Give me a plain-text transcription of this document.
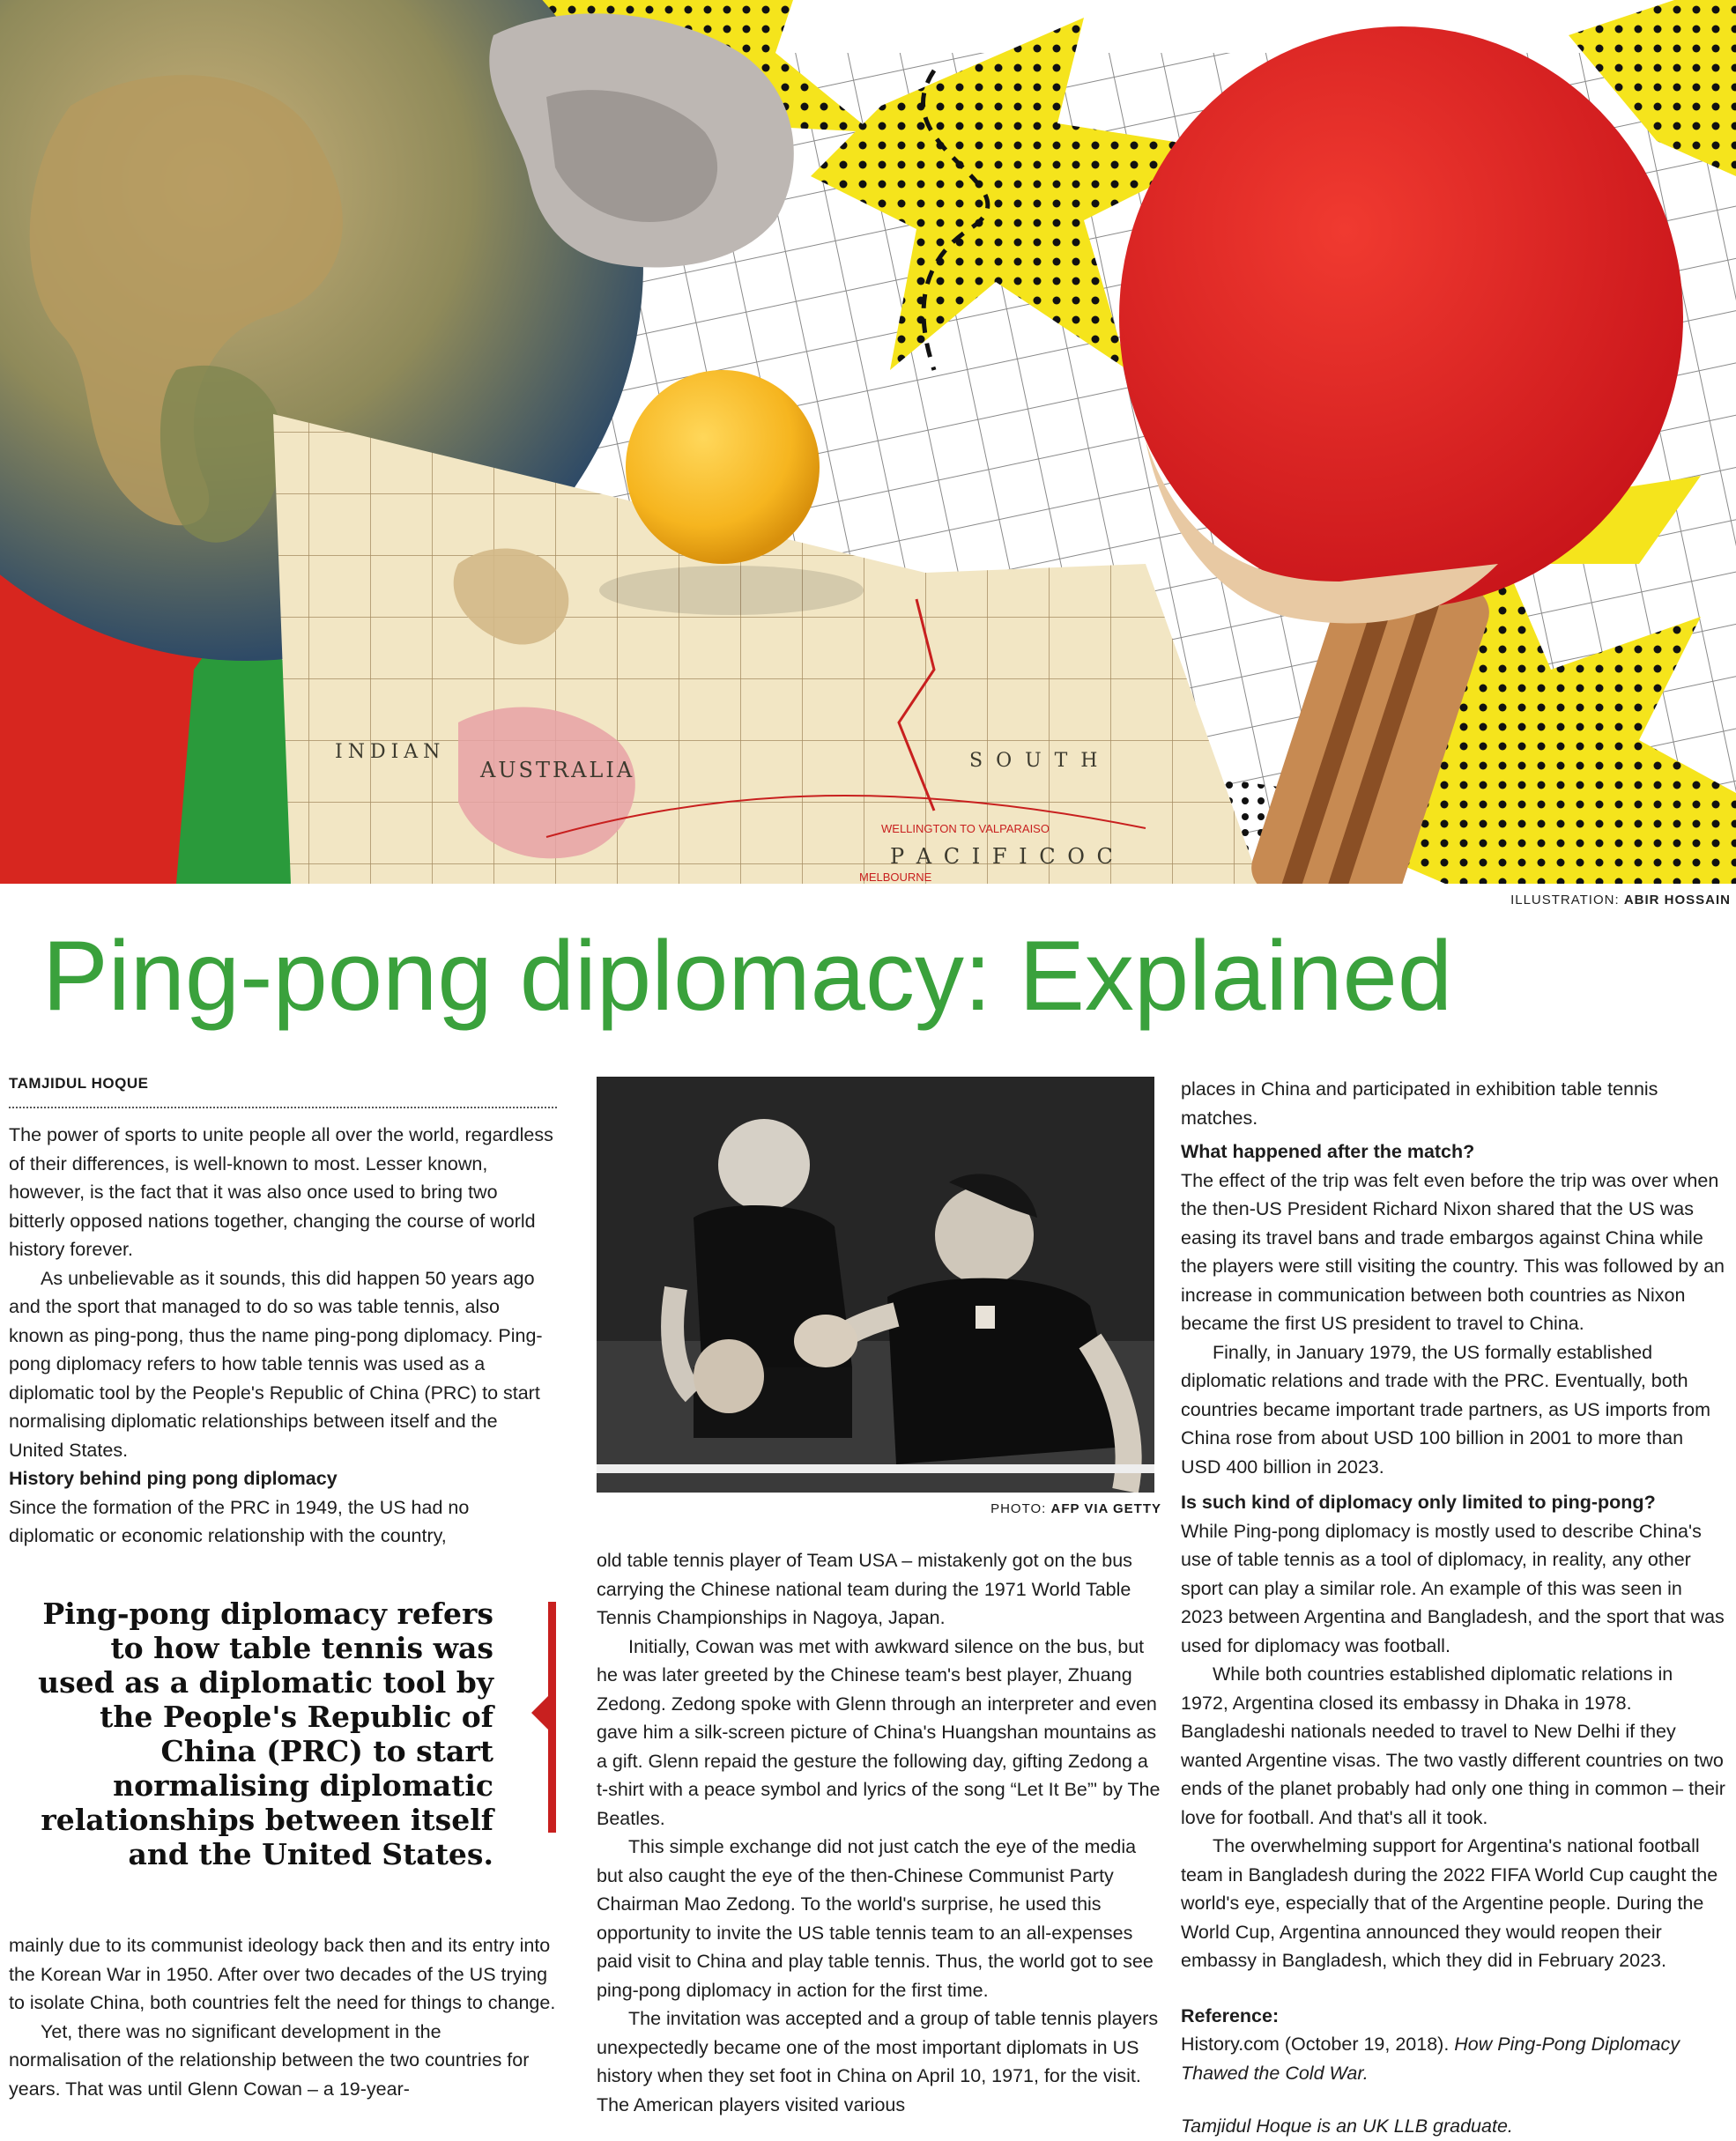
INDIAN
AUSTRALIA	S O U T H
P A C I F I C O C
WELLINGTON TO VALPARAISO
MELBOURNE
ILLUSTRATION: ABIR HOSSAIN
Ping-pong diplomacy: Explained
TAMJIDUL HOQUE

The power of sports to unite people all over the world, regardless of their differences, is well-known to most. Lesser known, however, is the fact that it was also once used to bring two bitterly opposed nations together, changing the course of world history forever.

As unbelievable as it sounds, this did happen 50 years ago and the sport that managed to do so was table tennis, also known as ping-pong, thus the name ping-pong diplomacy. Ping-pong diplomacy refers to how table tennis was used as a diplomatic tool by the People's Republic of China (PRC) to start normalising diplomatic relationships between itself and the United States.

History behind ping pong diplomacy

Since the formation of the PRC in 1949, the US had no diplomatic or economic relationship with the country,

Ping-pong diplomacy refers to how table tennis was used as a diplomatic tool by the People's Republic of China (PRC) to start normalising diplomatic relationships between itself and the United States.

mainly due to its communist ideology back then and its entry into the Korean War in 1950. After over two decades of the US trying to isolate China, both countries felt the need for things to change.

Yet, there was no significant development in the normalisation of the relationship between the two countries for years. That was until Glenn Cowan – a 19-year-

PHOTO: AFP VIA GETTY

old table tennis player of Team USA – mistakenly got on the bus carrying the Chinese national team during the 1971 World Table Tennis Championships in Nagoya, Japan.

Initially, Cowan was met with awkward silence on the bus, but he was later greeted by the Chinese team's best player, Zhuang Zedong. Zedong spoke with Glenn through an interpreter and even gave him a silk-screen picture of China's Huangshan mountains as a gift. Glenn repaid the gesture the following day, gifting Zedong a t-shirt with a peace symbol and lyrics of the song “Let It Be”' by The Beatles.

This simple exchange did not just catch the eye of the media but also caught the eye of the then-Chinese Communist Party Chairman Mao Zedong. To the world's surprise, he used this opportunity to invite the US table tennis team to an all-expenses paid visit to China and play table tennis. Thus, the world got to see ping-pong diplomacy in action for the first time.

The invitation was accepted and a group of table tennis players unexpectedly became one of the most important diplomats in US history when they set foot in China on April 10, 1971, for the visit. The American players visited various

places in China and participated in exhibition table tennis matches.

What happened after the match?

The effect of the trip was felt even before the trip was over when the then-US President Richard Nixon shared that the US was easing its travel bans and trade embargos against China while the players were still visiting the country. This was followed by an increase in communication between both countries as Nixon became the first US president to travel to China.

Finally, in January 1979, the US formally established diplomatic relations and trade with the PRC. Eventually, both countries became important trade partners, as US imports from China rose from about USD 100 billion in 2001 to more than USD 400 billion in 2023.

Is such kind of diplomacy only limited to ping-pong?

While Ping-pong diplomacy is mostly used to describe China's use of table tennis as a tool of diplomacy, in reality, any other sport can play a similar role. An example of this was seen in 2023 between Argentina and Bangladesh, and the sport that was used for diplomacy was football.

While both countries established diplomatic relations in 1972, Argentina closed its embassy in Dhaka in 1978. Bangladeshi nationals needed to travel to New Delhi if they wanted Argentine visas. The two vastly different countries on two ends of the planet probably had only one thing in common – their love for football. And that's all it took.

The overwhelming support for Argentina's national football team in Bangladesh during the 2022 FIFA World Cup caught the world's eye, especially that of the Argentine people. During the World Cup, Argentina announced they would reopen their embassy in Bangladesh, which they did in February 2023.

Reference:

History.com (October 19, 2018). How Ping-Pong Diplomacy Thawed the Cold War.

Tamjidul Hoque is an UK LLB graduate.
